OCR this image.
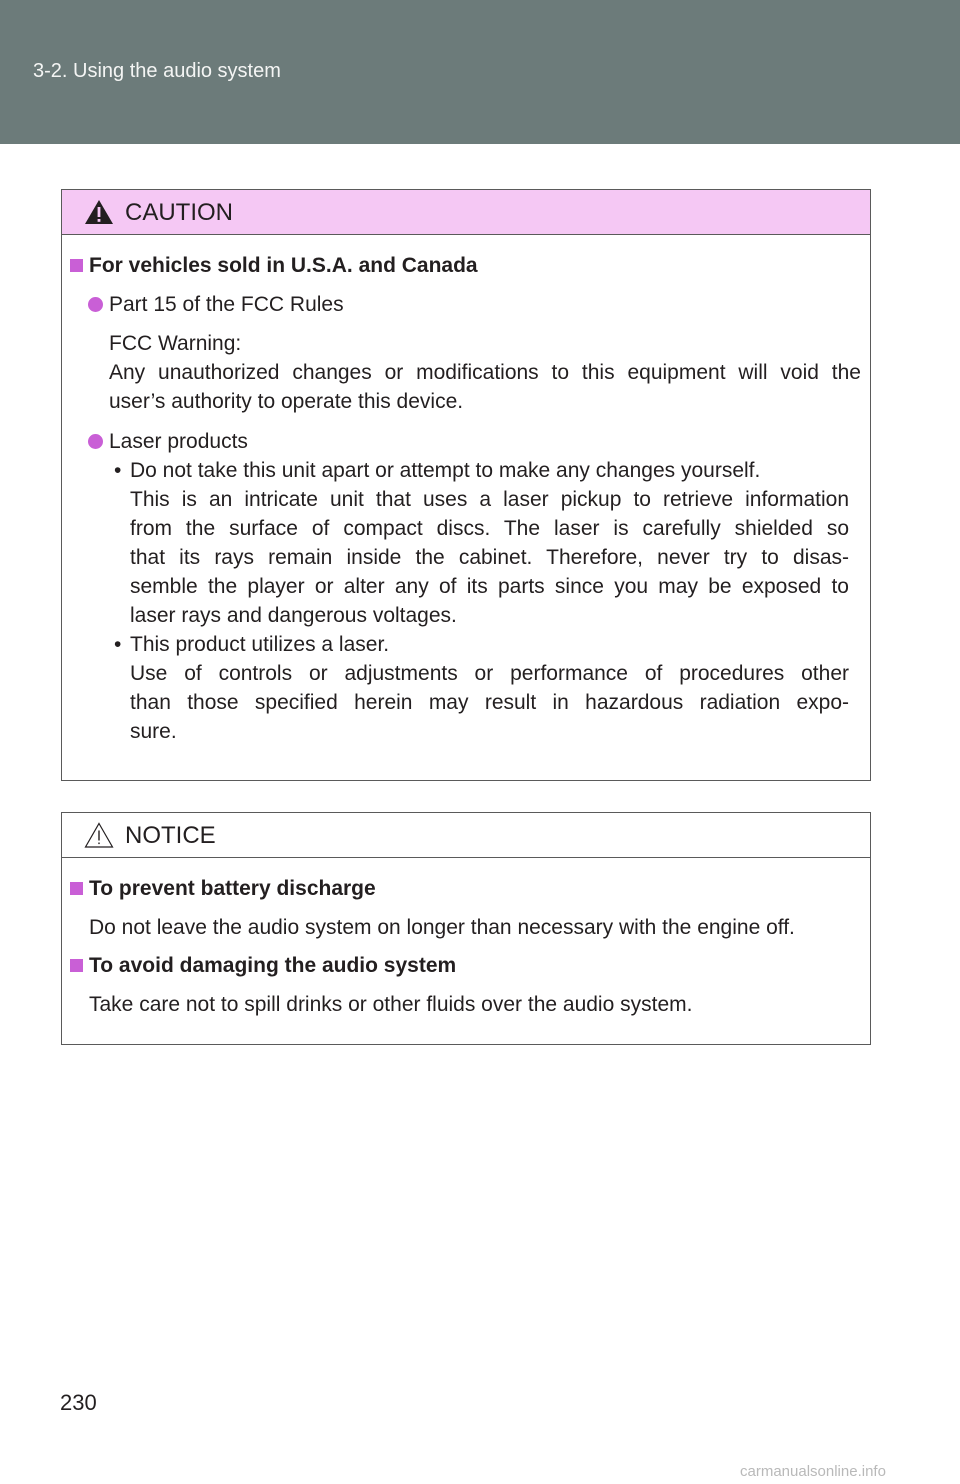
3-2. Using the audio system
CAUTION
For vehicles sold in U.S.A. and Canada
Part 15 of the FCC Rules
FCC Warning:
Any unauthorized changes or modifications to this equipment will void the
user’s authority to operate this device.
Laser products
• Do not take this unit apart or attempt to make any changes yourself.
This is an intricate unit that uses a laser pickup to retrieve information
from the surface of compact discs. The laser is carefully shielded so
that its rays remain inside the cabinet. Therefore, never try to disas-
semble the player or alter any of its parts since you may be exposed to
laser rays and dangerous voltages.
• This product utilizes a laser.
Use of controls or adjustments or performance of procedures other
than those specified herein may result in hazardous radiation expo-
sure.
NOTICE
To prevent battery discharge
Do not leave the audio system on longer than necessary with the engine off.
To avoid damaging the audio system
Take care not to spill drinks or other fluids over the audio system.
230
carmanualsonline.info
